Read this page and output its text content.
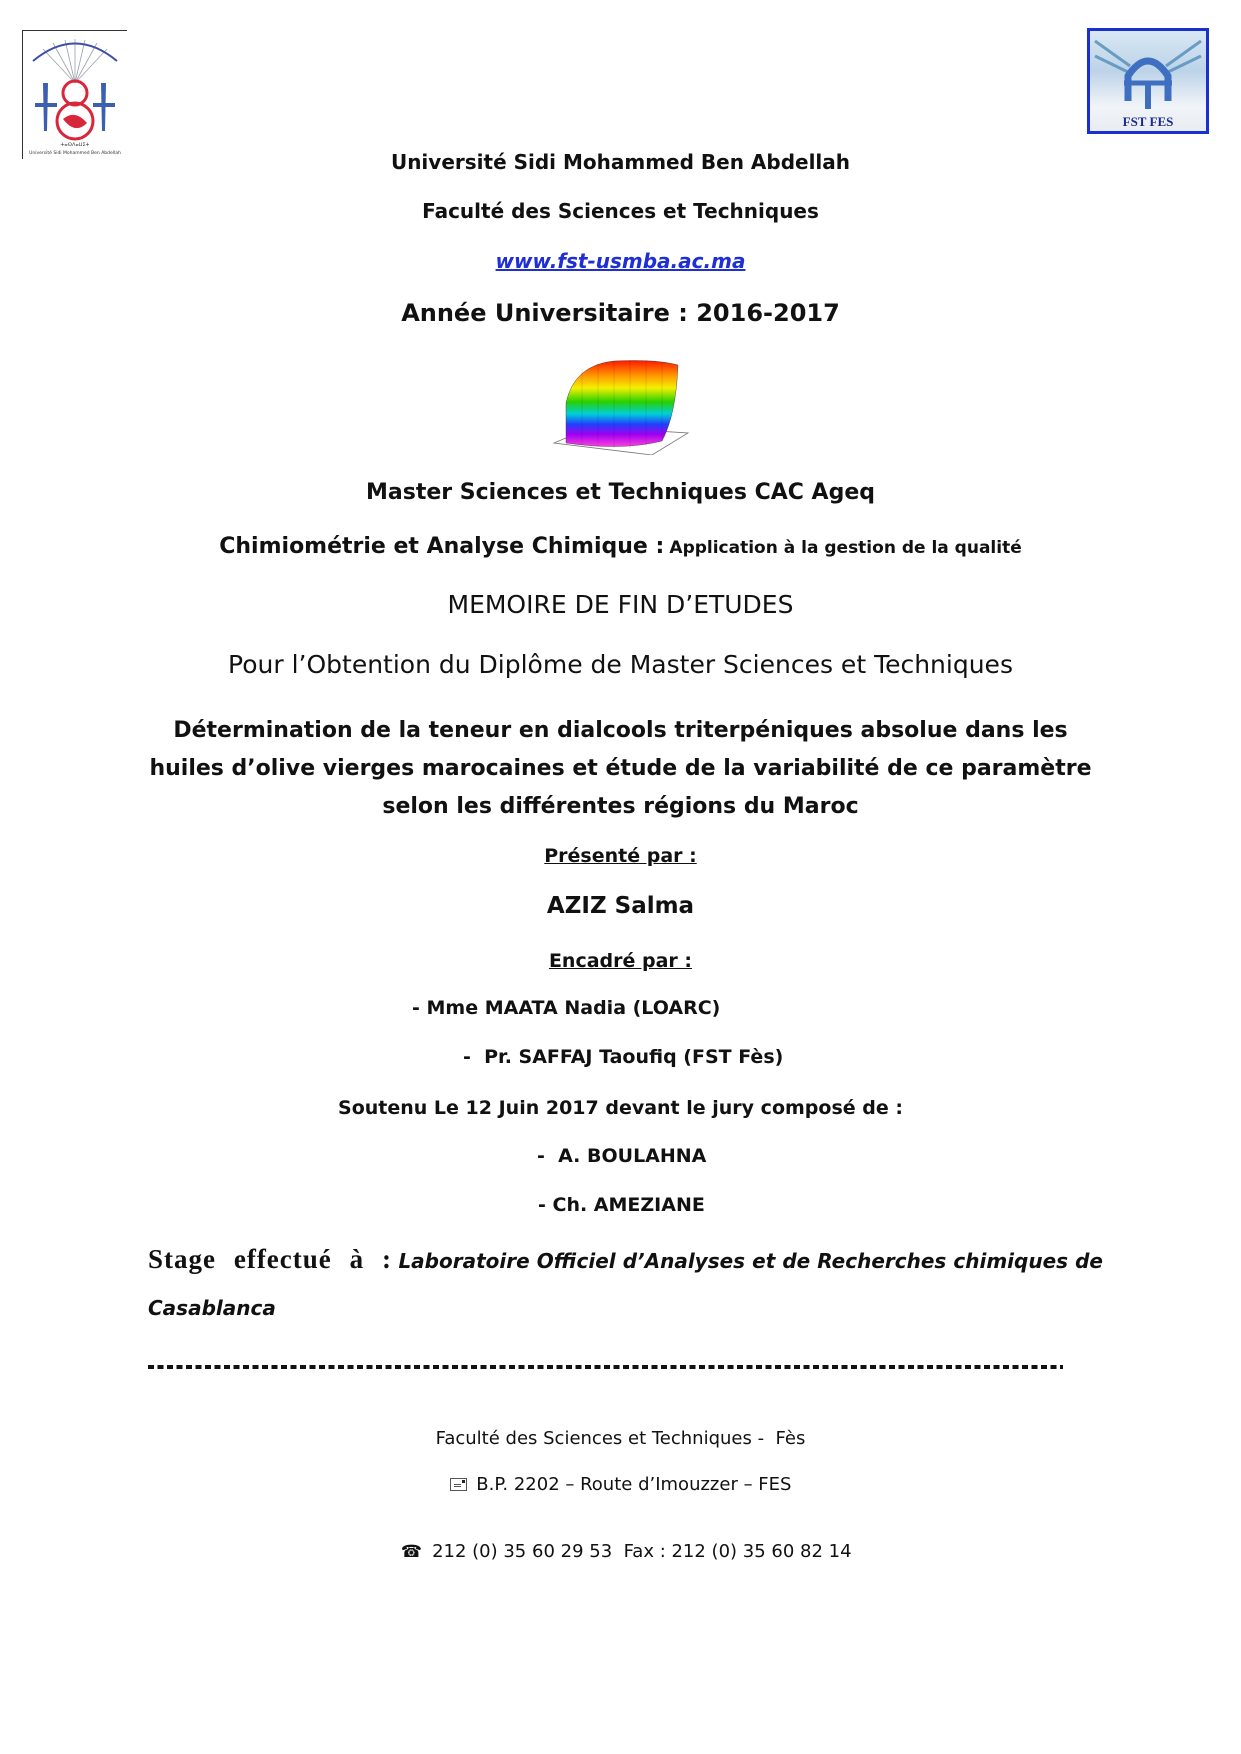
ⵜⴰⵙⴷⴰⵡⵉⵜ
Université Sidi Mohammed Ben Abdellah
FST FES
Université Sidi Mohammed Ben Abdellah
Faculté des Sciences et Techniques
www.fst-usmba.ac.ma
Année Universitaire : 2016-2017
Master Sciences et Techniques CAC Ageq
Chimiométrie et Analyse Chimique : Application à la gestion de la qualité
MEMOIRE DE FIN D’ETUDES
Pour l’Obtention du Diplôme de Master Sciences et Techniques
Détermination de la teneur en dialcools triterpéniques absolue dans les
huiles d’olive vierges marocaines et étude de la variabilité de ce paramètre
selon les différentes régions du Maroc
Présenté par :
AZIZ Salma
Encadré par :
- Mme MAATA Nadia (LOARC)
-  Pr. SAFFAJ Taoufiq (FST Fès)
Soutenu Le 12 Juin 2017 devant le jury composé de :
-  A. BOULAHNA
- Ch. AMEZIANE
Stage effectué à : Laboratoire Officiel d’Analyses et de Recherches chimiques de Casablanca
Faculté des Sciences et Techniques -  Fès
B.P. 2202 – Route d’Imouzzer – FES

☎ 212 (0) 35 60 29 53  Fax : 212 (0) 35 60 82 14
